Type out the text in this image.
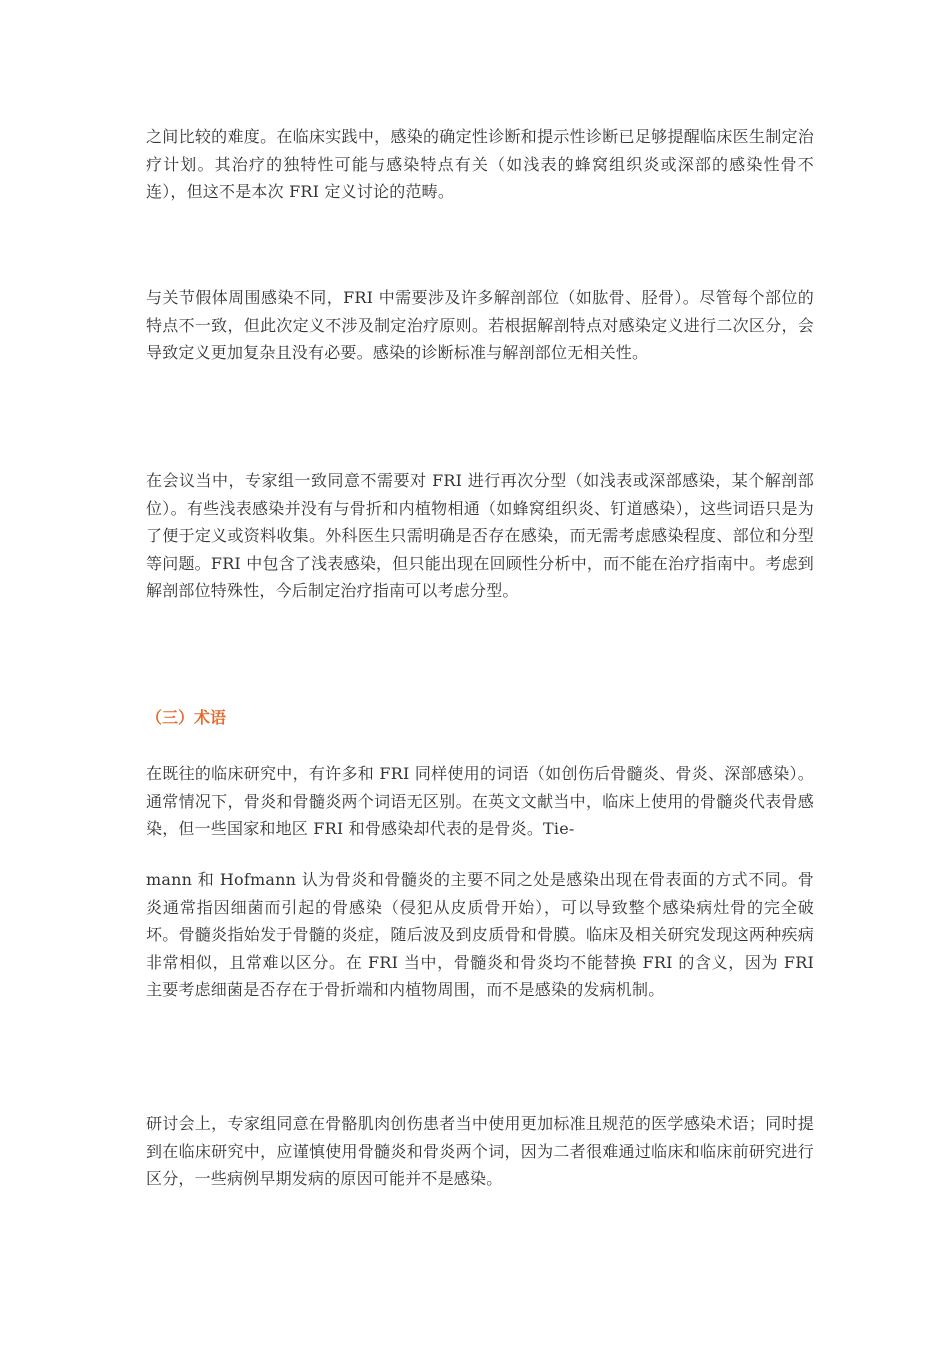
之间比较的难度。在临床实践中，感染的确定性诊断和提示性诊断已足够提醒临床医生制定治疗计划。其治疗的独特性可能与感染特点有关（如浅表的蜂窝组织炎或深部的感染性骨不连），但这不是本次 FRI 定义讨论的范畴。

与关节假体周围感染不同，FRI 中需要涉及许多解剖部位（如肱骨、胫骨）。尽管每个部位的特点不一致，但此次定义不涉及制定治疗原则。若根据解剖特点对感染定义进行二次区分，会导致定义更加复杂且没有必要。感染的诊断标准与解剖部位无相关性。

在会议当中，专家组一致同意不需要对 FRI 进行再次分型（如浅表或深部感染，某个解剖部位）。有些浅表感染并没有与骨折和内植物相通（如蜂窝组织炎、钉道感染），这些词语只是为了便于定义或资料收集。外科医生只需明确是否存在感染，而无需考虑感染程度、部位和分型等问题。FRI 中包含了浅表感染，但只能出现在回顾性分析中，而不能在治疗指南中。考虑到解剖部位特殊性，今后制定治疗指南可以考虑分型。

（三）术语

在既往的临床研究中，有许多和 FRI 同样使用的词语（如创伤后骨髓炎、骨炎、深部感染）。通常情况下，骨炎和骨髓炎两个词语无区别。在英文文献当中，临床上使用的骨髓炎代表骨感染，但一些国家和地区 FRI 和骨感染却代表的是骨炎。Tie-

mann 和 Hofmann 认为骨炎和骨髓炎的主要不同之处是感染出现在骨表面的方式不同。骨炎通常指因细菌而引起的骨感染（侵犯从皮质骨开始），可以导致整个感染病灶骨的完全破坏。骨髓炎指始发于骨髓的炎症，随后波及到皮质骨和骨膜。临床及相关研究发现这两种疾病非常相似，且常难以区分。在 FRI 当中，骨髓炎和骨炎均不能替换 FRI 的含义，因为 FRI 主要考虑细菌是否存在于骨折端和内植物周围，而不是感染的发病机制。

研讨会上，专家组同意在骨骼肌肉创伤患者当中使用更加标准且规范的医学感染术语；同时提到在临床研究中，应谨慎使用骨髓炎和骨炎两个词，因为二者很难通过临床和临床前研究进行区分，一些病例早期发病的原因可能并不是感染。
